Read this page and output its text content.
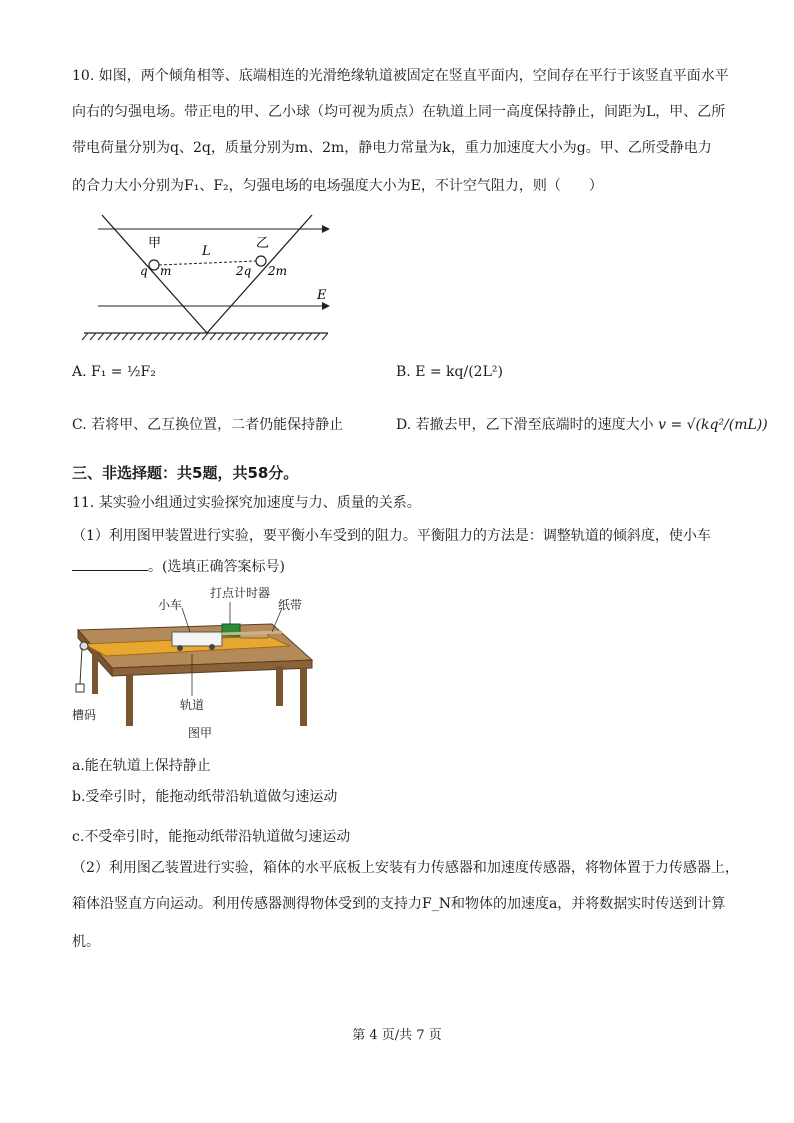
10. 如图，两个倾角相等、底端相连的光滑绝缘轨道被固定在竖直平面内，空间存在平行于该竖直平面水平
向右的匀强电场。带正电的甲、乙小球（均可视为质点）在轨道上同一高度保持静止，间距为L，甲、乙所
带电荷量分别为q、2q，质量分别为m、2m，静电力常量为k，重力加速度大小为g。甲、乙所受静电力
的合力大小分别为F₁、F₂，匀强电场的电场强度大小为E，不计空气阻力，则（　　）
甲	乙
L
q m	2q 2m
E
A. F₁ = ½F₂	B. E = kq/(2L²)
C. 若将甲、乙互换位置，二者仍能保持静止	D. 若撤去甲，乙下滑至底端时的速度大小 v = √(kq²/(mL))
三、非选择题：共5题，共58分。
11. 某实验小组通过实验探究加速度与力、质量的关系。
（1）利用图甲装置进行实验，要平衡小车受到的阻力。平衡阻力的方法是：调整轨道的倾斜度，使小车
。(选填正确答案标号)
打点计时器
小车	纸带
轨道
槽码
图甲
a.能在轨道上保持静止
b.受牵引时，能拖动纸带沿轨道做匀速运动
c.不受牵引时，能拖动纸带沿轨道做匀速运动
（2）利用图乙装置进行实验，箱体的水平底板上安装有力传感器和加速度传感器，将物体置于力传感器上，
箱体沿竖直方向运动。利用传感器测得物体受到的支持力F_N和物体的加速度a，并将数据实时传送到计算
机。
第 4 页/共 7 页
